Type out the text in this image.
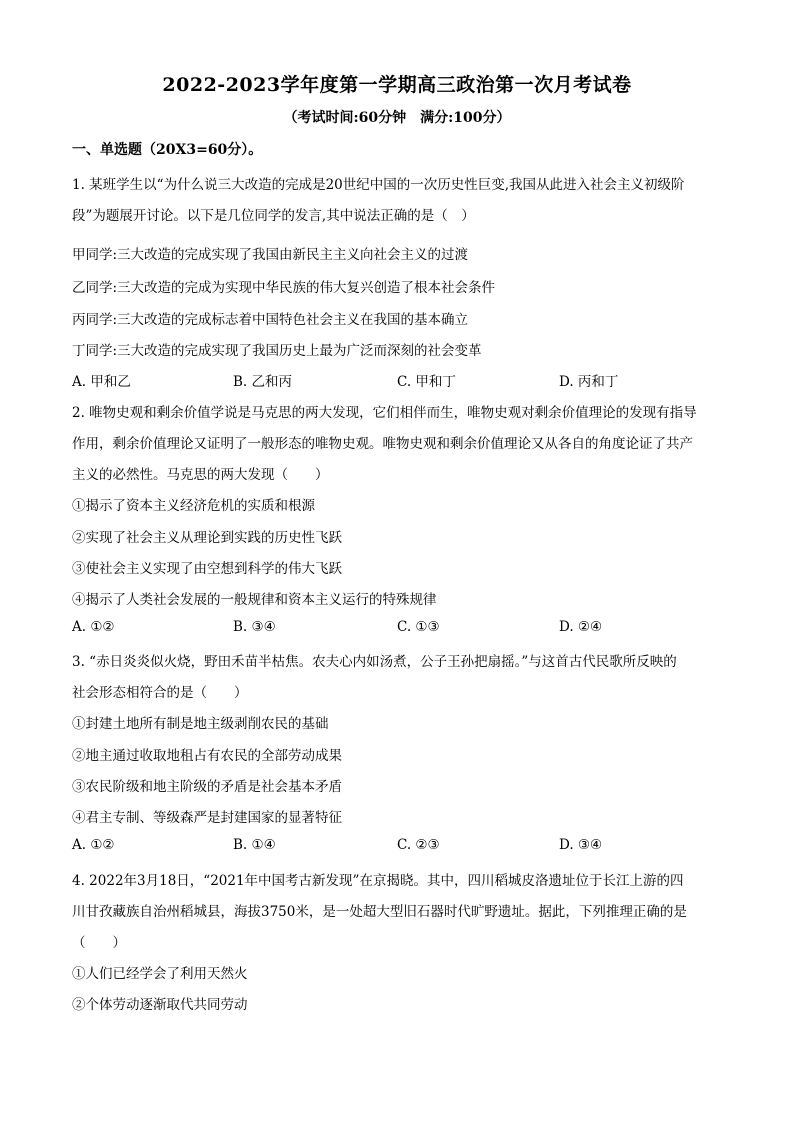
2022-2023学年度第一学期高三政治第一次月考试卷
（考试时间:60分钟　满分:100分）
一、单选题（20X3=60分）。
1. 某班学生以“为什么说三大改造的完成是20世纪中国的一次历史性巨变,我国从此进入社会主义初级阶
段”为题展开讨论。以下是几位同学的发言,其中说法正确的是（　）
甲同学:三大改造的完成实现了我国由新民主主义向社会主义的过渡
乙同学:三大改造的完成为实现中华民族的伟大复兴创造了根本社会条件
丙同学:三大改造的完成标志着中国特色社会主义在我国的基本确立
丁同学:三大改造的完成实现了我国历史上最为广泛而深刻的社会变革
A. 甲和乙	B. 乙和丙	C. 甲和丁	D. 丙和丁
2. 唯物史观和剩余价值学说是马克思的两大发现，它们相伴而生，唯物史观对剩余价值理论的发现有指导
作用，剩余价值理论又证明了一般形态的唯物史观。唯物史观和剩余价值理论又从各自的角度论证了共产
主义的必然性。马克思的两大发现（　　）
①揭示了资本主义经济危机的实质和根源
②实现了社会主义从理论到实践的历史性飞跃
③使社会主义实现了由空想到科学的伟大飞跃
④揭示了人类社会发展的一般规律和资本主义运行的特殊规律
A. ①②	B. ③④	C. ①③	D. ②④
3. “赤日炎炎似火烧，野田禾苗半枯焦。农夫心内如汤煮，公子王孙把扇摇。”与这首古代民歌所反映的
社会形态相符合的是（　　）
①封建土地所有制是地主级剥削农民的基础
②地主通过收取地租占有农民的全部劳动成果
③农民阶级和地主阶级的矛盾是社会基本矛盾
④君主专制、等级森严是封建国家的显著特征
A. ①②	B. ①④	C. ②③	D. ③④
4. 2022年3月18日，“2021年中国考古新发现”在京揭晓。其中，四川稻城皮洛遗址位于长江上游的四
川甘孜藏族自治州稻城县，海拔3750米，是一处超大型旧石器时代旷野遗址。据此，下列推理正确的是
（　　）
①人们已经学会了利用天然火
②个体劳动逐渐取代共同劳动
